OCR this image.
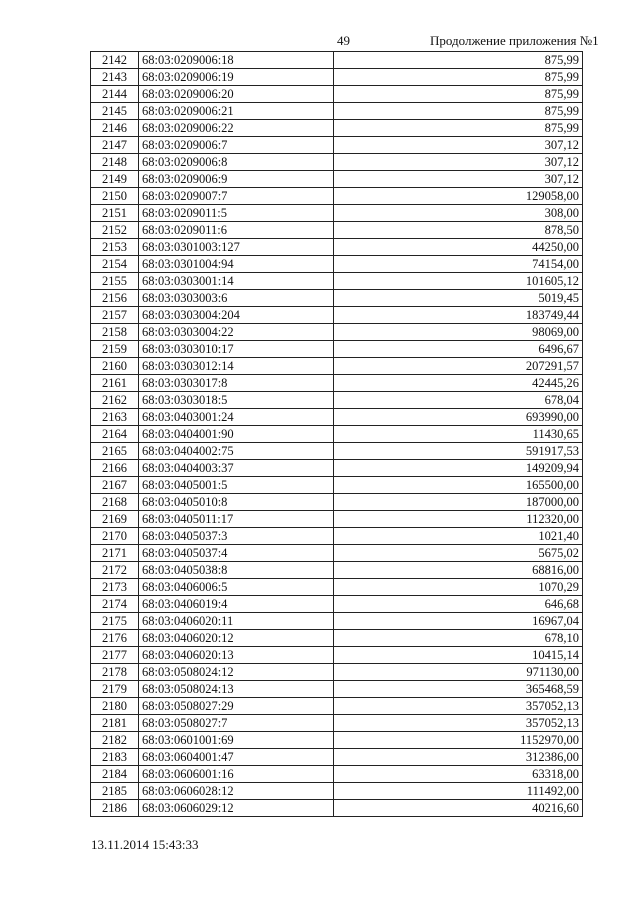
49	Продолжение приложения №1
2142	68:03:0209006:18	875,99
2143	68:03:0209006:19	875,99
2144	68:03:0209006:20	875,99
2145	68:03:0209006:21	875,99
2146	68:03:0209006:22	875,99
2147	68:03:0209006:7	307,12
2148	68:03:0209006:8	307,12
2149	68:03:0209006:9	307,12
2150	68:03:0209007:7	129058,00
2151	68:03:0209011:5	308,00
2152	68:03:0209011:6	878,50
2153	68:03:0301003:127	44250,00
2154	68:03:0301004:94	74154,00
2155	68:03:0303001:14	101605,12
2156	68:03:0303003:6	5019,45
2157	68:03:0303004:204	183749,44
2158	68:03:0303004:22	98069,00
2159	68:03:0303010:17	6496,67
2160	68:03:0303012:14	207291,57
2161	68:03:0303017:8	42445,26
2162	68:03:0303018:5	678,04
2163	68:03:0403001:24	693990,00
2164	68:03:0404001:90	11430,65
2165	68:03:0404002:75	591917,53
2166	68:03:0404003:37	149209,94
2167	68:03:0405001:5	165500,00
2168	68:03:0405010:8	187000,00
2169	68:03:0405011:17	112320,00
2170	68:03:0405037:3	1021,40
2171	68:03:0405037:4	5675,02
2172	68:03:0405038:8	68816,00
2173	68:03:0406006:5	1070,29
2174	68:03:0406019:4	646,68
2175	68:03:0406020:11	16967,04
2176	68:03:0406020:12	678,10
2177	68:03:0406020:13	10415,14
2178	68:03:0508024:12	971130,00
2179	68:03:0508024:13	365468,59
2180	68:03:0508027:29	357052,13
2181	68:03:0508027:7	357052,13
2182	68:03:0601001:69	1152970,00
2183	68:03:0604001:47	312386,00
2184	68:03:0606001:16	63318,00
2185	68:03:0606028:12	111492,00
2186	68:03:0606029:12	40216,60
13.11.2014 15:43:33
